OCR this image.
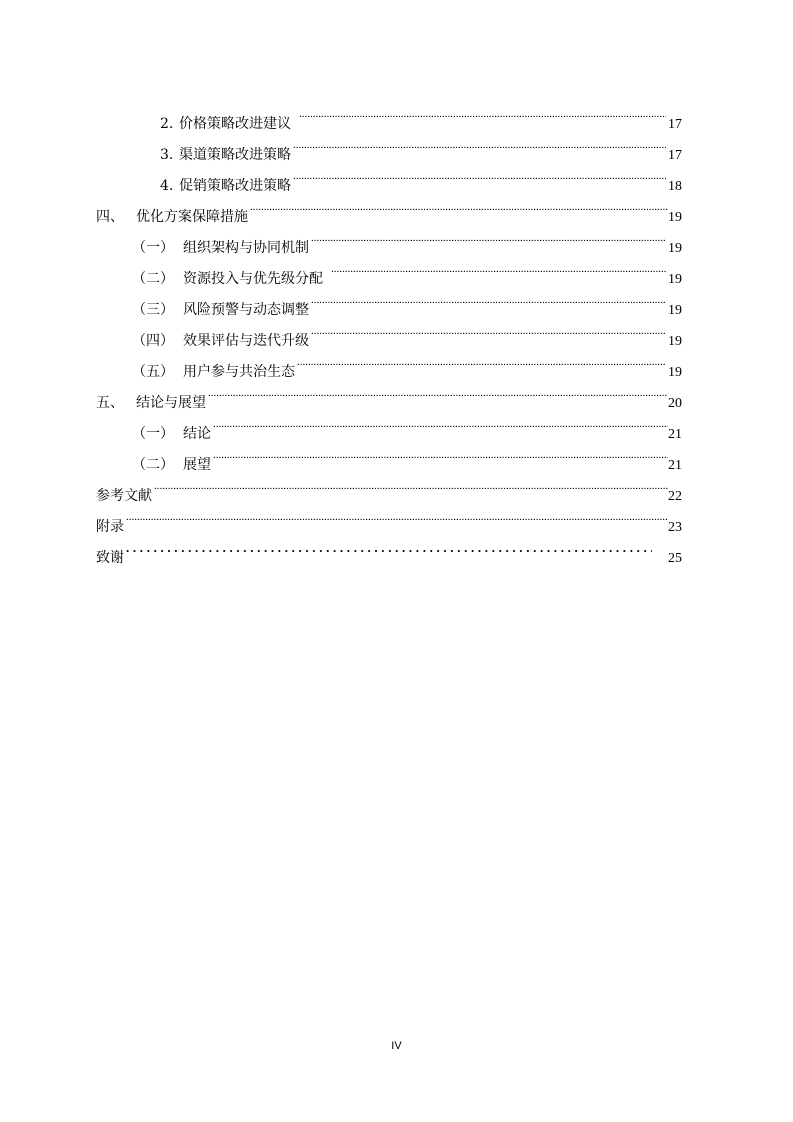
2. 价格策略改进建议 .....	17
3. 渠道策略改进策略 .....	17
4. 促销策略改进策略 .....	18
四、 优化方案保障措施 .....	19
（一） 组织架构与协同机制 .....	19
（二） 资源投入与优先级分配 .....	19
（三） 风险预警与动态调整 .....	19
（四） 效果评估与迭代升级 .....	19
（五） 用户参与共治生态 .....	19
五、 结论与展望 .....	20
（一） 结论 .....	21
（二） 展望 .....	21
参考文献 .....	22
附录 .....	23
致谢 . . .	25
IV
